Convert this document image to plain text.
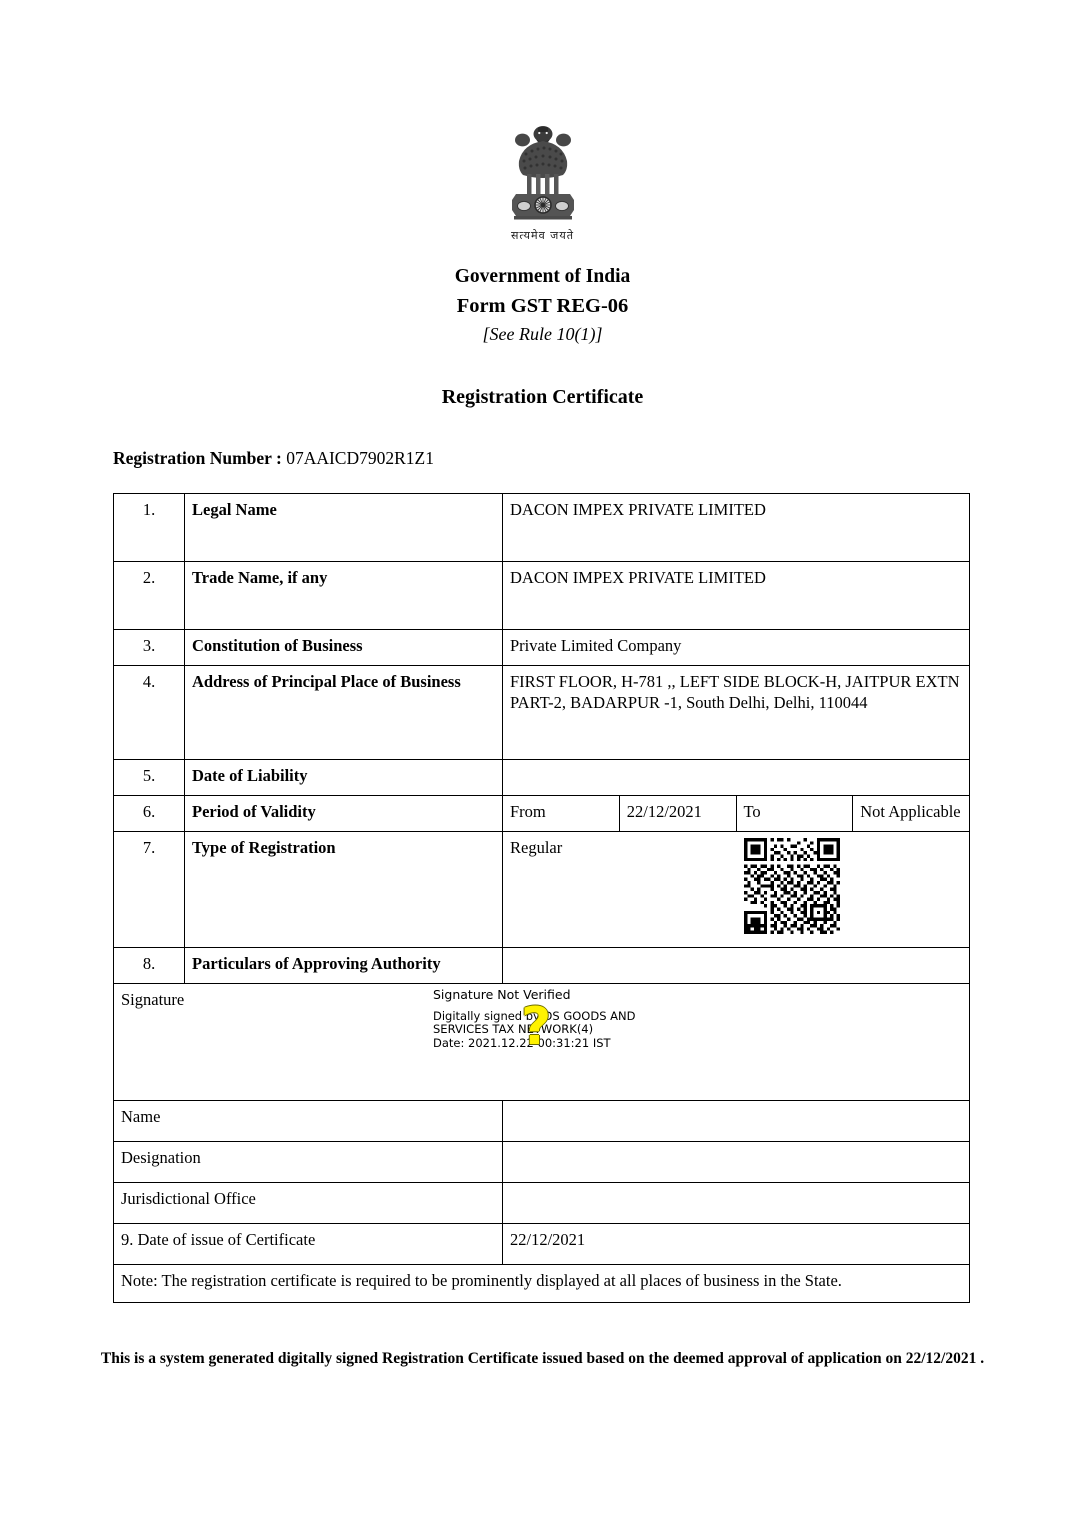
सत्यमेव जयते
Government of India
Form GST REG-06
[See Rule 10(1)]
Registration Certificate
Registration Number : 07AAICD7902R1Z1
1.	Legal Name	DACON IMPEX PRIVATE LIMITED			
2.	Trade Name, if any	DACON IMPEX PRIVATE LIMITED			
3.	Constitution of Business	Private Limited Company			
4.	Address of Principal Place of Business	FIRST FLOOR, H-781 ,, LEFT SIDE BLOCK-H, JAITPUR EXTN PART-2, BADARPUR -1, South Delhi, Delhi, 110044			
5.	Date of Liability				
6.	Period of Validity	From	22/12/2021	To	Not Applicable
7.	Type of Registration	Regular			

8.	Particulars of Approving Authority				
Signature	Signature Not Verified
Digitally signed by DS GOODS AND
SERVICES TAX NETWORK(4)
Date: 2021.12.22 00:31:21 IST
?

Name					
Designation					
Jurisdictional Office					
9. Date of issue of Certificate		22/12/2021			
Note: The registration certificate is required to be prominently displayed at all places of business in the State.					
This is a system generated digitally signed Registration Certificate issued based on the deemed approval of application on 22/12/2021 .
